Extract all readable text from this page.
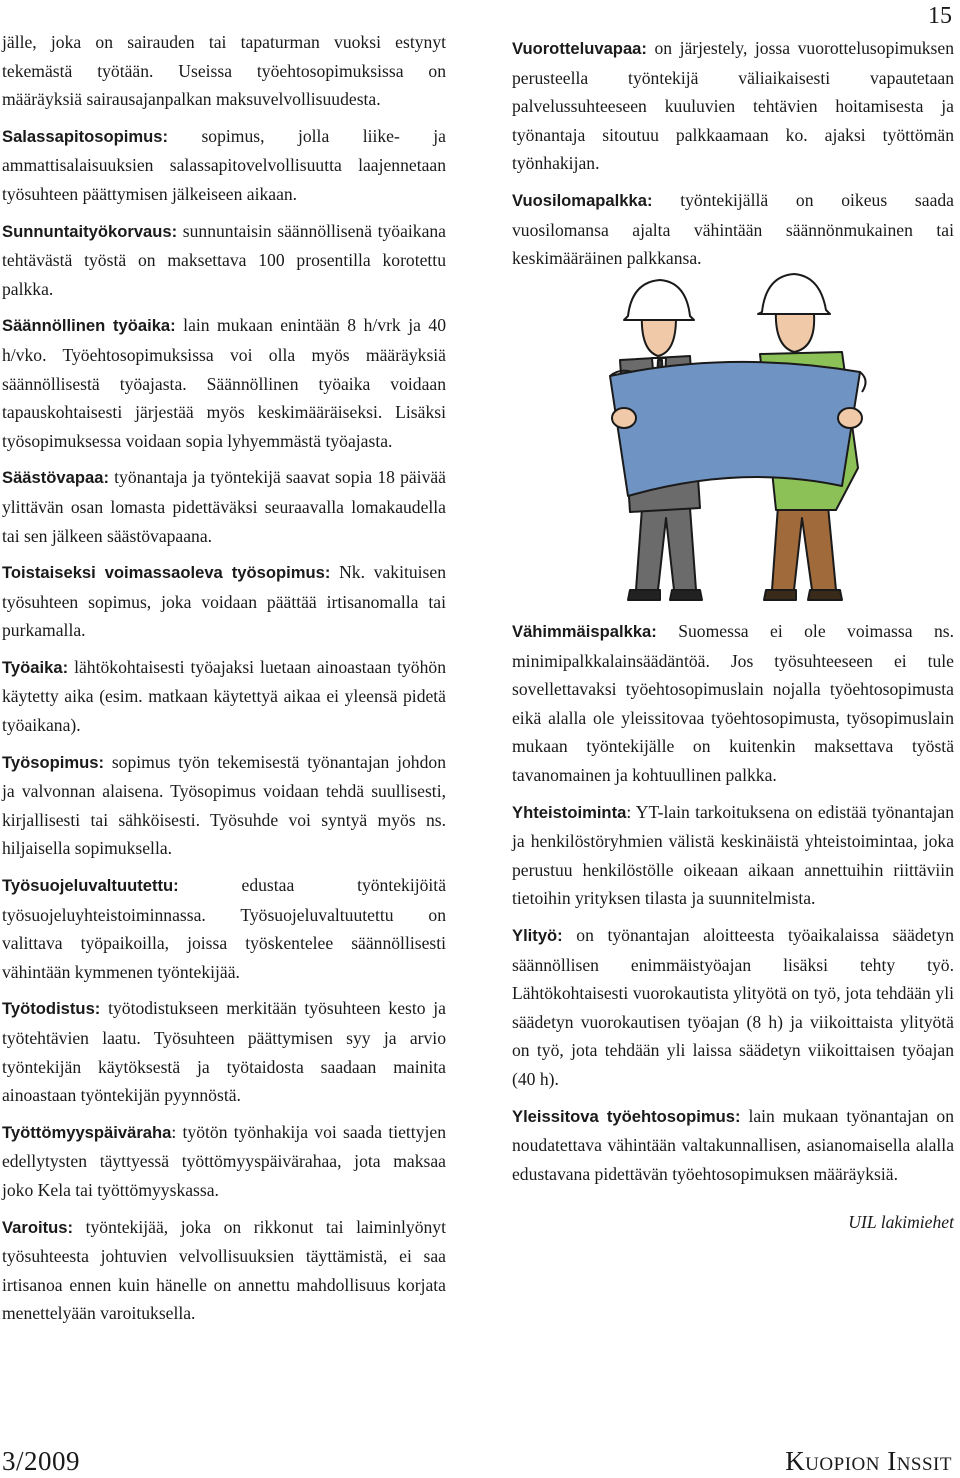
15

jälle, joka on sairauden tai tapaturman vuoksi estynyt tekemästä työtään. Useissa työehtosopimuksissa on määräyksiä sairausajanpalkan maksuvelvollisuudesta.

Salassapitosopimus: sopimus, jolla liike- ja ammattisalaisuuksien salassapitovelvollisuutta laajennetaan työsuhteen päättymisen jälkeiseen aikaan.

Sunnuntaityökorvaus: sunnuntaisin säännöllisenä työaikana tehtävästä työstä on maksettava 100 prosentilla korotettu palkka.

Säännöllinen työaika: lain mukaan enintään 8 h/vrk ja 40 h/vko. Työehtosopimuksissa voi olla myös määräyksiä säännöllisestä työajasta. Säännöllinen työaika voidaan tapauskohtaisesti järjestää myös keskimääräiseksi. Lisäksi työsopimuksessa voidaan sopia lyhyemmästä työajasta.

Säästövapaa: työnantaja ja työntekijä saavat sopia 18 päivää ylittävän osan lomasta pidettäväksi seuraavalla lomakaudella tai sen jälkeen säästövapaana.

Toistaiseksi voimassaoleva työsopimus: Nk. vakituisen työsuhteen sopimus, joka voidaan päättää irtisanomalla tai purkamalla.

Työaika: lähtökohtaisesti työajaksi luetaan ainoastaan työhön käytetty aika (esim. matkaan käytettyä aikaa ei yleensä pidetä työaikana).

Työsopimus: sopimus työn tekemisestä työnantajan johdon ja valvonnan alaisena. Työsopimus voidaan tehdä suullisesti, kirjallisesti tai sähköisesti. Työsuhde voi syntyä myös ns. hiljaisella sopimuksella.

Työsuojeluvaltuutettu: edustaa työntekijöitä työsuojeluyhteistoiminnassa. Työsuojeluvaltuutettu on valittava työpaikoilla, joissa työskentelee säännöllisesti vähintään kymmenen työntekijää.

Työtodistus: työtodistukseen merkitään työsuhteen kesto ja työtehtävien laatu. Työsuhteen päättymisen syy ja arvio työntekijän käytöksestä ja työtaidosta saadaan mainita ainoastaan työntekijän pyynnöstä.

Työttömyyspäiväraha: työtön työnhakija voi saada tiettyjen edellytysten täyttyessä työttömyyspäivärahaa, jota maksaa joko Kela tai työttömyyskassa.

Varoitus: työntekijää, joka on rikkonut tai laiminlyönyt työsuhteesta johtuvien velvollisuuksien täyttämistä, ei saa irtisanoa ennen kuin hänelle on annettu mahdollisuus korjata menettelyään varoituksella.

Vuorotteluvapaa: on järjestely, jossa vuorottelusopimuksen perusteella työntekijä väliaikaisesti vapautetaan palvelussuhteeseen kuuluvien tehtävien hoitamisesta ja työnantaja sitoutuu palkkaamaan ko. ajaksi työttömän työnhakijan.

Vuosilomapalkka: työntekijällä on oikeus saada vuosilomansa ajalta vähintään säännönmukainen tai keskimääräinen palkkansa.

Vähimmäispalkka: Suomessa ei ole voimassa ns. minimipalkkalainsäädäntöä. Jos työsuhteeseen ei tule sovellettavaksi työehtosopimuslain nojalla työehtosopimusta eikä alalla ole yleissitovaa työehtosopimusta, työsopimuslain mukaan työntekijälle on kuitenkin maksettava työstä tavanomainen ja kohtuullinen palkka.

Yhteistoiminta: YT-lain tarkoituksena on edistää työnantajan ja henkilöstöryhmien välistä keskinäistä yhteistoimintaa, joka perustuu henkilöstölle oikeaan aikaan annettuihin riittäviin tietoihin yrityksen tilasta ja suunnitelmista.

Ylityö: on työnantajan aloitteesta työaikalaissa säädetyn säännöllisen enimmäistyöajan lisäksi tehty työ. Lähtökohtaisesti vuorokautista ylityötä on työ, jota tehdään yli säädetyn vuorokautisen työajan (8 h) ja viikoittaista ylityötä on työ, jota tehdään yli laissa säädetyn viikoittaisen työajan (40 h).

Yleissitova työehtosopimus: lain mukaan työnantajan on noudatettava vähintään valtakunnallisen, asianomaisella alalla edustavana pidettävän työehtosopimuksen määräyksiä.

UIL lakimiehet

3/2009	Kuopion Inssit
